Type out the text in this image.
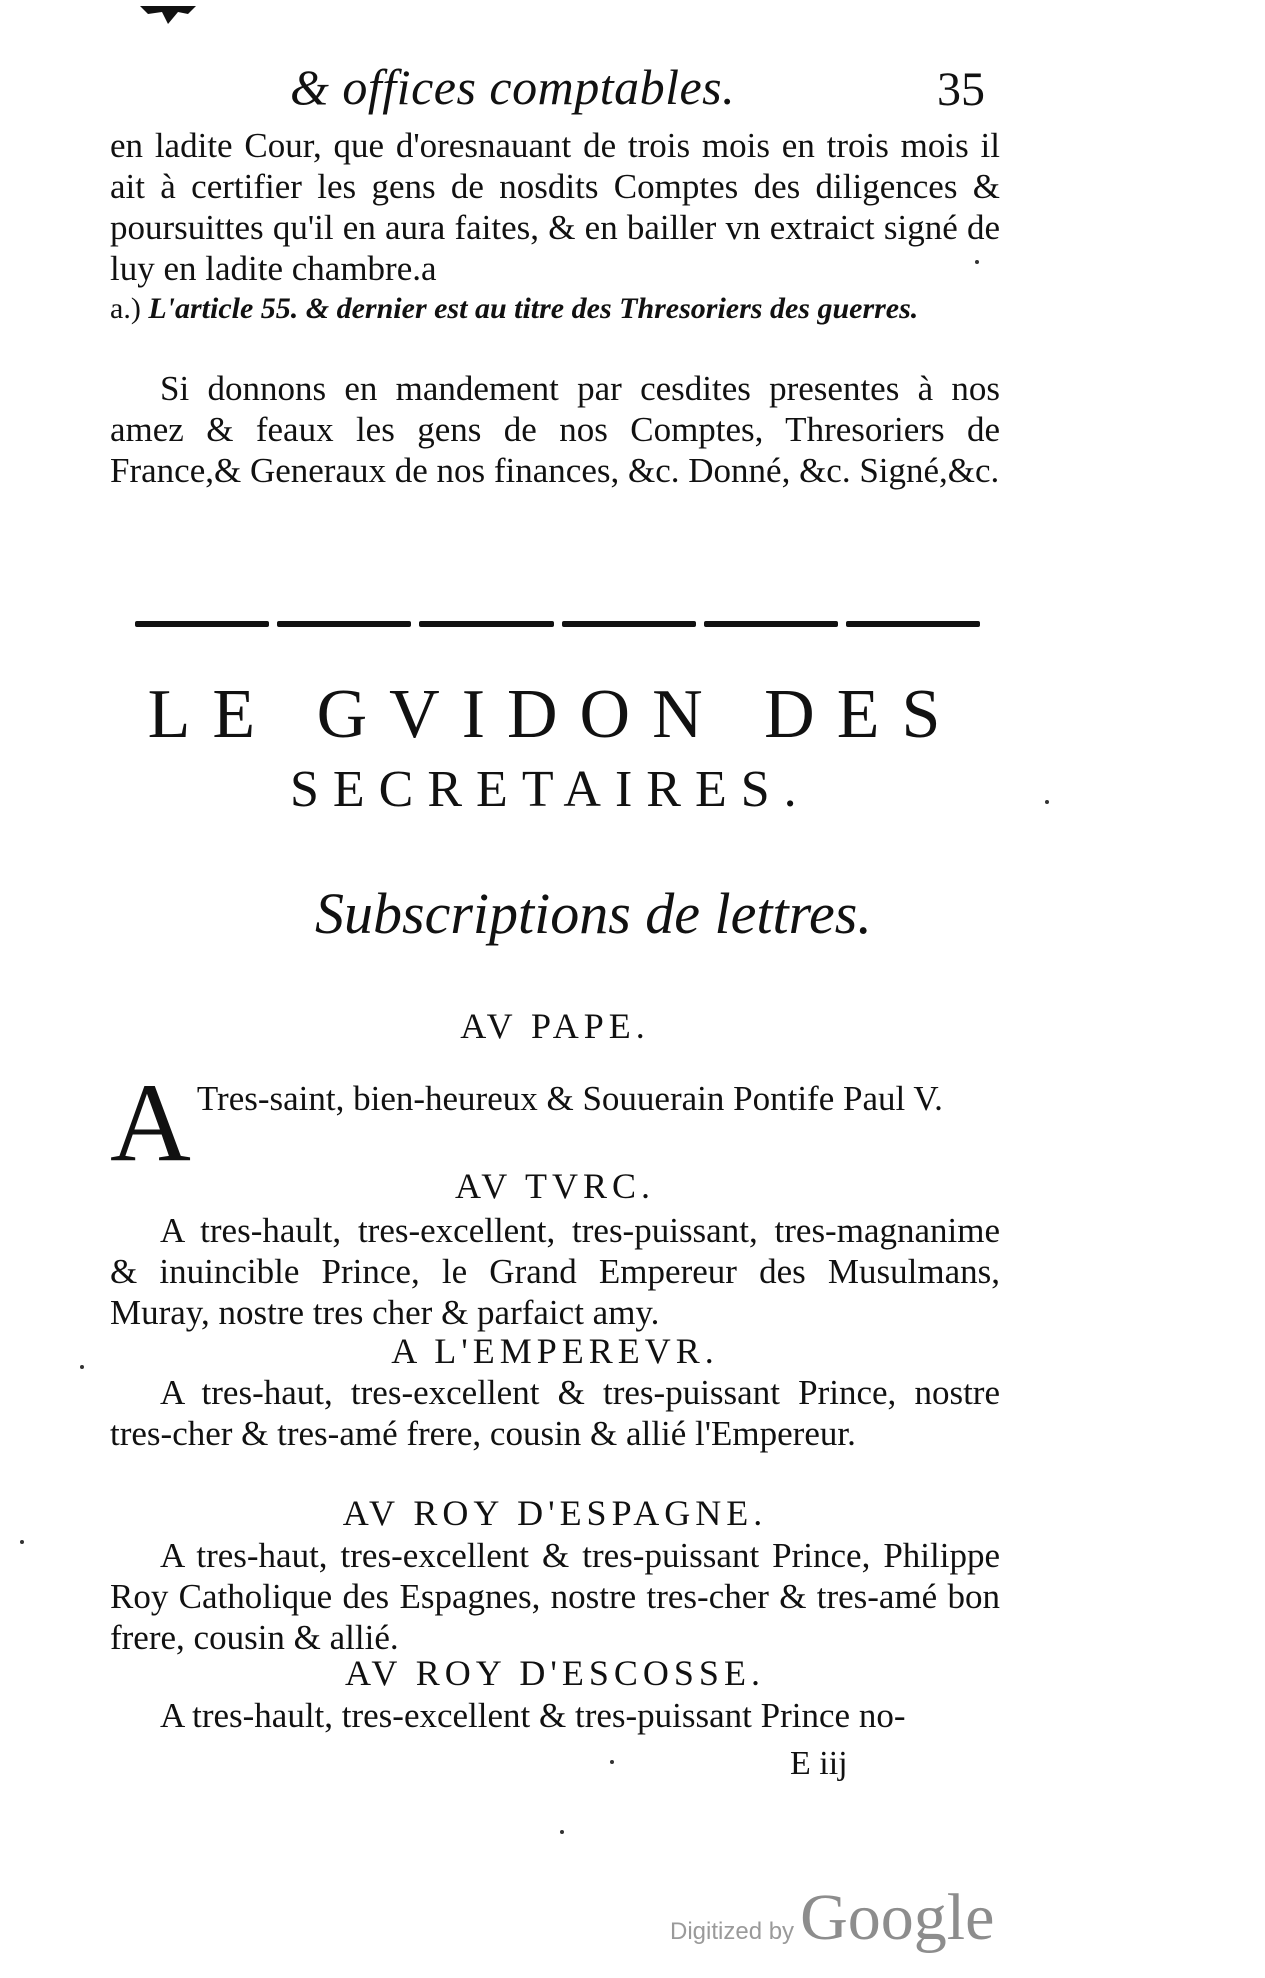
& offices comptables.	35
en ladite Cour, que d'oresnauant de trois mois en trois mois il ait à certifier les gens de nosdits Comptes des diligences & poursuittes qu'il en aura faites, & en bailler vn extraict signé de luy en ladite chambre.a
a.) L'article 55. & dernier est au titre des Thresoriers des guerres.
Si donnons en mandement par cesdites presentes à nos amez & feaux les gens de nos Comptes, Thresoriers de France,& Generaux de nos finances, &c. Donné, &c. Signé,&c.
LE GVIDON DES
SECRETAIRES.
Subscriptions de lettres.
AV PAPE.
A Tres-saint, bien-heureux & Souuerain Pontife Paul V.
AV TVRC.
A tres-hault, tres-excellent, tres-puissant, tres-magnanime & inuincible Prince, le Grand Empereur des Musulmans, Muray, nostre tres cher & parfaict amy.
A L'EMPEREVR.
A tres-haut, tres-excellent & tres-puissant Prince, nostre tres-cher & tres-amé frere, cousin & allié l'Empereur.
AV ROY D'ESPAGNE.
A tres-haut, tres-excellent & tres-puissant Prince, Philippe Roy Catholique des Espagnes, nostre tres-cher & tres-amé bon frere, cousin & allié.
AV ROY D'ESCOSSE.
A tres-hault, tres-excellent & tres-puissant Prince no-
E iij
Digitized by Google
